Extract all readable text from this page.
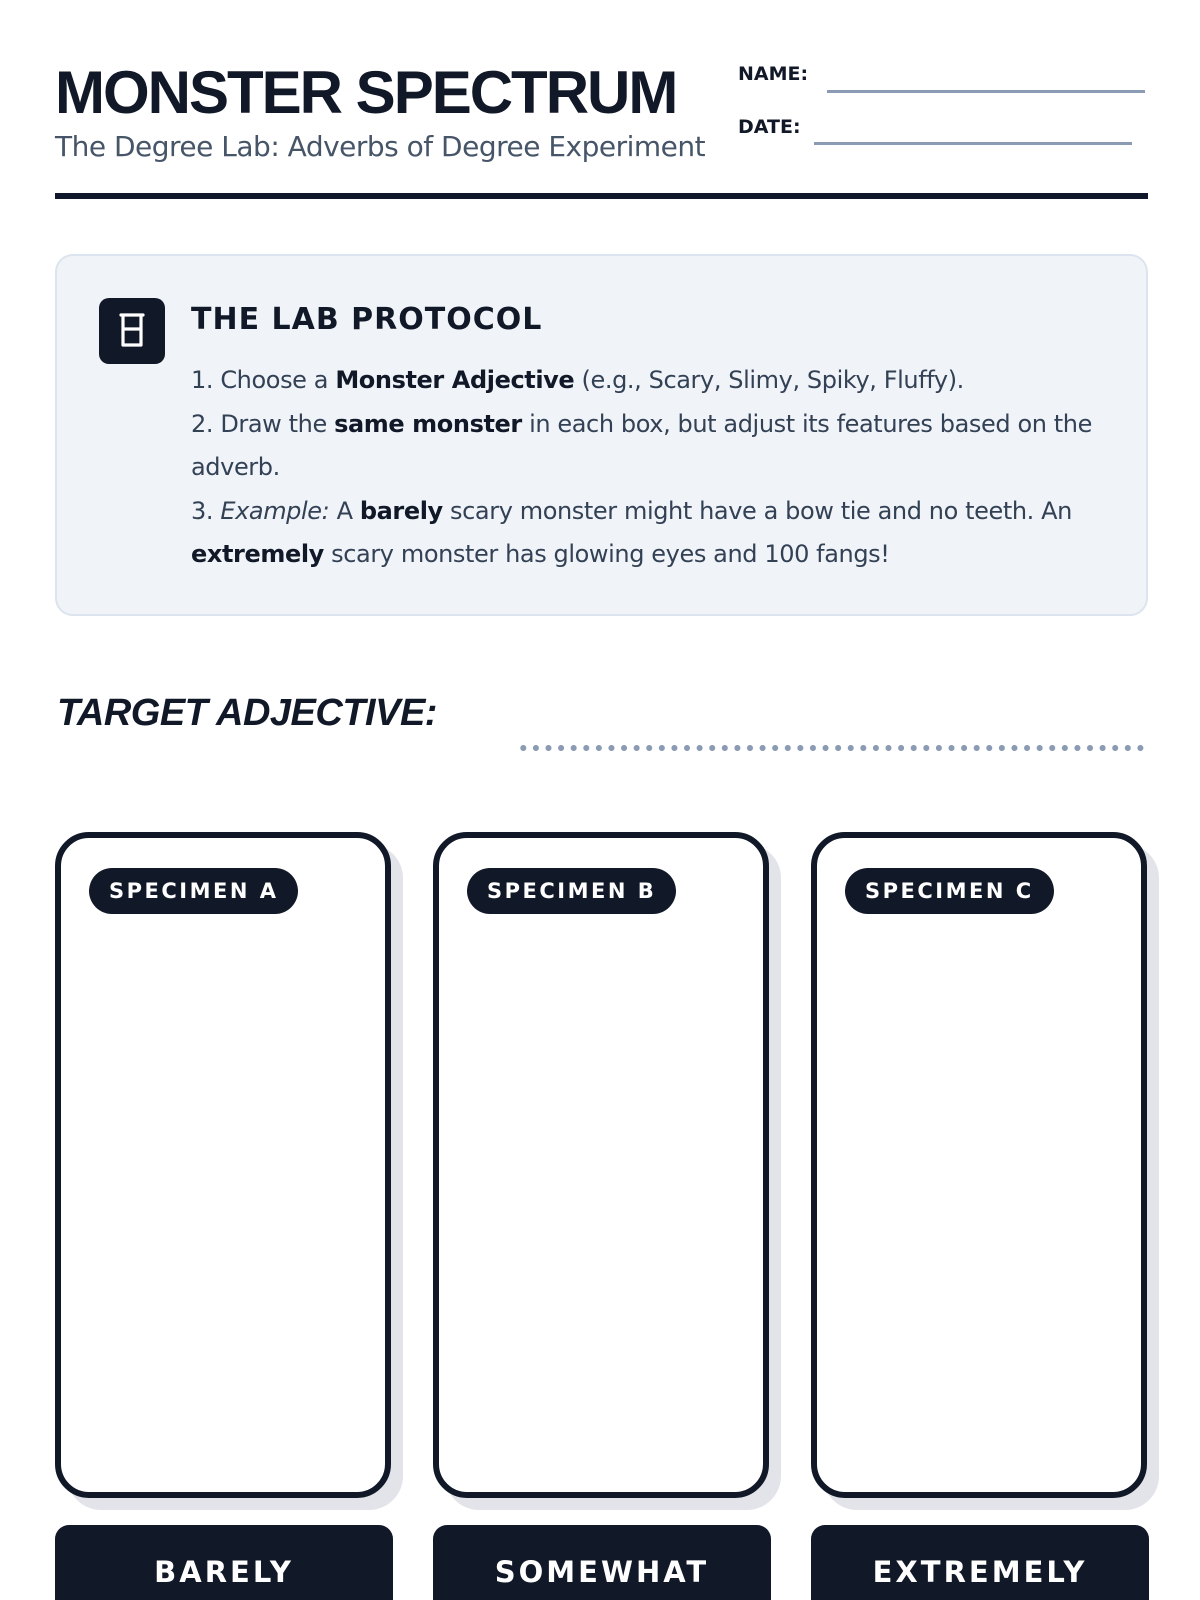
MONSTER SPECTRUM
The Degree Lab: Adverbs of Degree Experiment
NAME:
DATE:
THE LAB PROTOCOL

1. Choose a Monster Adjective (e.g., Scary, Slimy, Spiky, Fluffy).

2. Draw the same monster in each box, but adjust its features based on the adverb.

3. Example: A barely scary monster might have a bow tie and no teeth. An extremely scary monster has glowing eyes and 100 fangs!

TARGET ADJECTIVE:
SPECIMEN A	SPECIMEN B	SPECIMEN C
BARELY	SOMEWHAT	EXTREMELY
